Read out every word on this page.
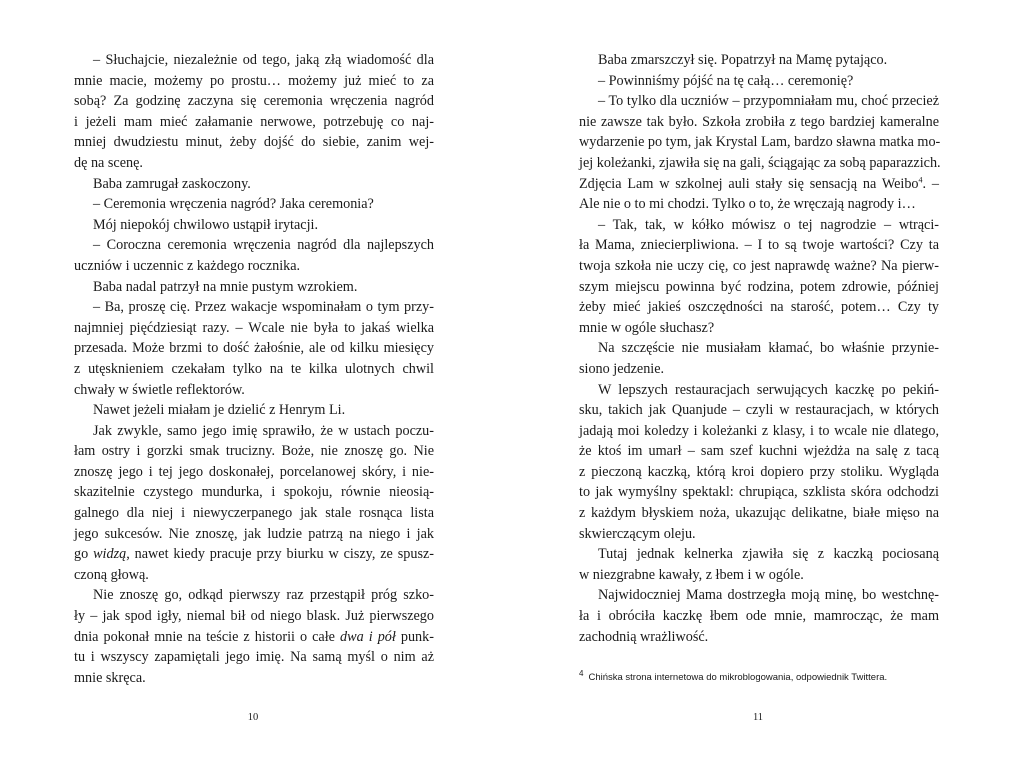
– Słuchajcie, niezależnie od tego, jaką złą wiadomość dla
mnie macie, możemy po prostu… możemy już mieć to za
sobą? Za godzinę zaczyna się ceremonia wręczenia nagród
i jeżeli mam mieć załamanie nerwowe, potrzebuję co naj-
mniej dwudziestu minut, żeby dojść do siebie, zanim wej-
dę na scenę.
Baba zamrugał zaskoczony.
– Ceremonia wręczenia nagród? Jaka ceremonia?
Mój niepokój chwilowo ustąpił irytacji.
– Coroczna ceremonia wręczenia nagród dla najlepszych
uczniów i uczennic z każdego rocznika.
Baba nadal patrzył na mnie pustym wzrokiem.
– Ba, proszę cię. Przez wakacje wspominałam o tym przy-
najmniej pięćdziesiąt razy. – Wcale nie była to jakaś wielka
przesada. Może brzmi to dość żałośnie, ale od kilku miesięcy
z utęsknieniem czekałam tylko na te kilka ulotnych chwil
chwały w świetle reflektorów.
Nawet jeżeli miałam je dzielić z Henrym Li.
Jak zwykle, samo jego imię sprawiło, że w ustach poczu-
łam ostry i gorzki smak trucizny. Boże, nie znoszę go. Nie
znoszę jego i tej jego doskonałej, porcelanowej skóry, i nie-
skazitelnie czystego mundurka, i spokoju, równie nieosią-
galnego dla niej i niewyczerpanego jak stale rosnąca lista
jego sukcesów. Nie znoszę, jak ludzie patrzą na niego i jak
go widzą, nawet kiedy pracuje przy biurku w ciszy, ze spusz-
czoną głową.
Nie znoszę go, odkąd pierwszy raz przestąpił próg szko-
ły – jak spod igły, niemal bił od niego blask. Już pierwszego
dnia pokonał mnie na teście z historii o całe dwa i pół punk-
tu i wszyscy zapamiętali jego imię. Na samą myśl o nim aż
mnie skręca.
Baba zmarszczył się. Popatrzył na Mamę pytająco.
– Powinniśmy pójść na tę całą… ceremonię?
– To tylko dla uczniów – przypomniałam mu, choć przecież
nie zawsze tak było. Szkoła zrobiła z tego bardziej kameralne
wydarzenie po tym, jak Krystal Lam, bardzo sławna matka mo-
jej koleżanki, zjawiła się na gali, ściągając za sobą paparazzich.
Zdjęcia Lam w szkolnej auli stały się sensacją na Weibo$^4$. –
Ale nie o to mi chodzi. Tylko o to, że wręczają nagrody i…
– Tak, tak, w kółko mówisz o tej nagrodzie – wtrąci-
ła Mama, zniecierpliwiona. – I to są twoje wartości? Czy ta
twoja szkoła nie uczy cię, co jest naprawdę ważne? Na pierw-
szym miejscu powinna być rodzina, potem zdrowie, później
żeby mieć jakieś oszczędności na starość, potem… Czy ty
mnie w ogóle słuchasz?
Na szczęście nie musiałam kłamać, bo właśnie przynie-
siono jedzenie.
W lepszych restauracjach serwujących kaczkę po pekiń-
sku, takich jak Quanjude – czyli w restauracjach, w których
jadają moi koledzy i koleżanki z klasy, i to wcale nie dlatego,
że ktoś im umarł – sam szef kuchni wjeżdża na salę z tacą
z pieczoną kaczką, którą kroi dopiero przy stoliku. Wygląda
to jak wymyślny spektakl: chrupiąca, szklista skóra odchodzi
z każdym błyskiem noża, ukazując delikatne, białe mięso na
skwierczącym oleju.
Tutaj jednak kelnerka zjawiła się z kaczką pociosaną
w niezgrabne kawały, z łbem i w ogóle.
Najwidoczniej Mama dostrzegła moją minę, bo westchnę-
ła i obróciła kaczkę łbem ode mnie, mamrocząc, że mam
zachodnią wrażliwość.
$^4$ Chińska strona internetowa do mikroblogowania, odpowiednik Twittera.
10	11
